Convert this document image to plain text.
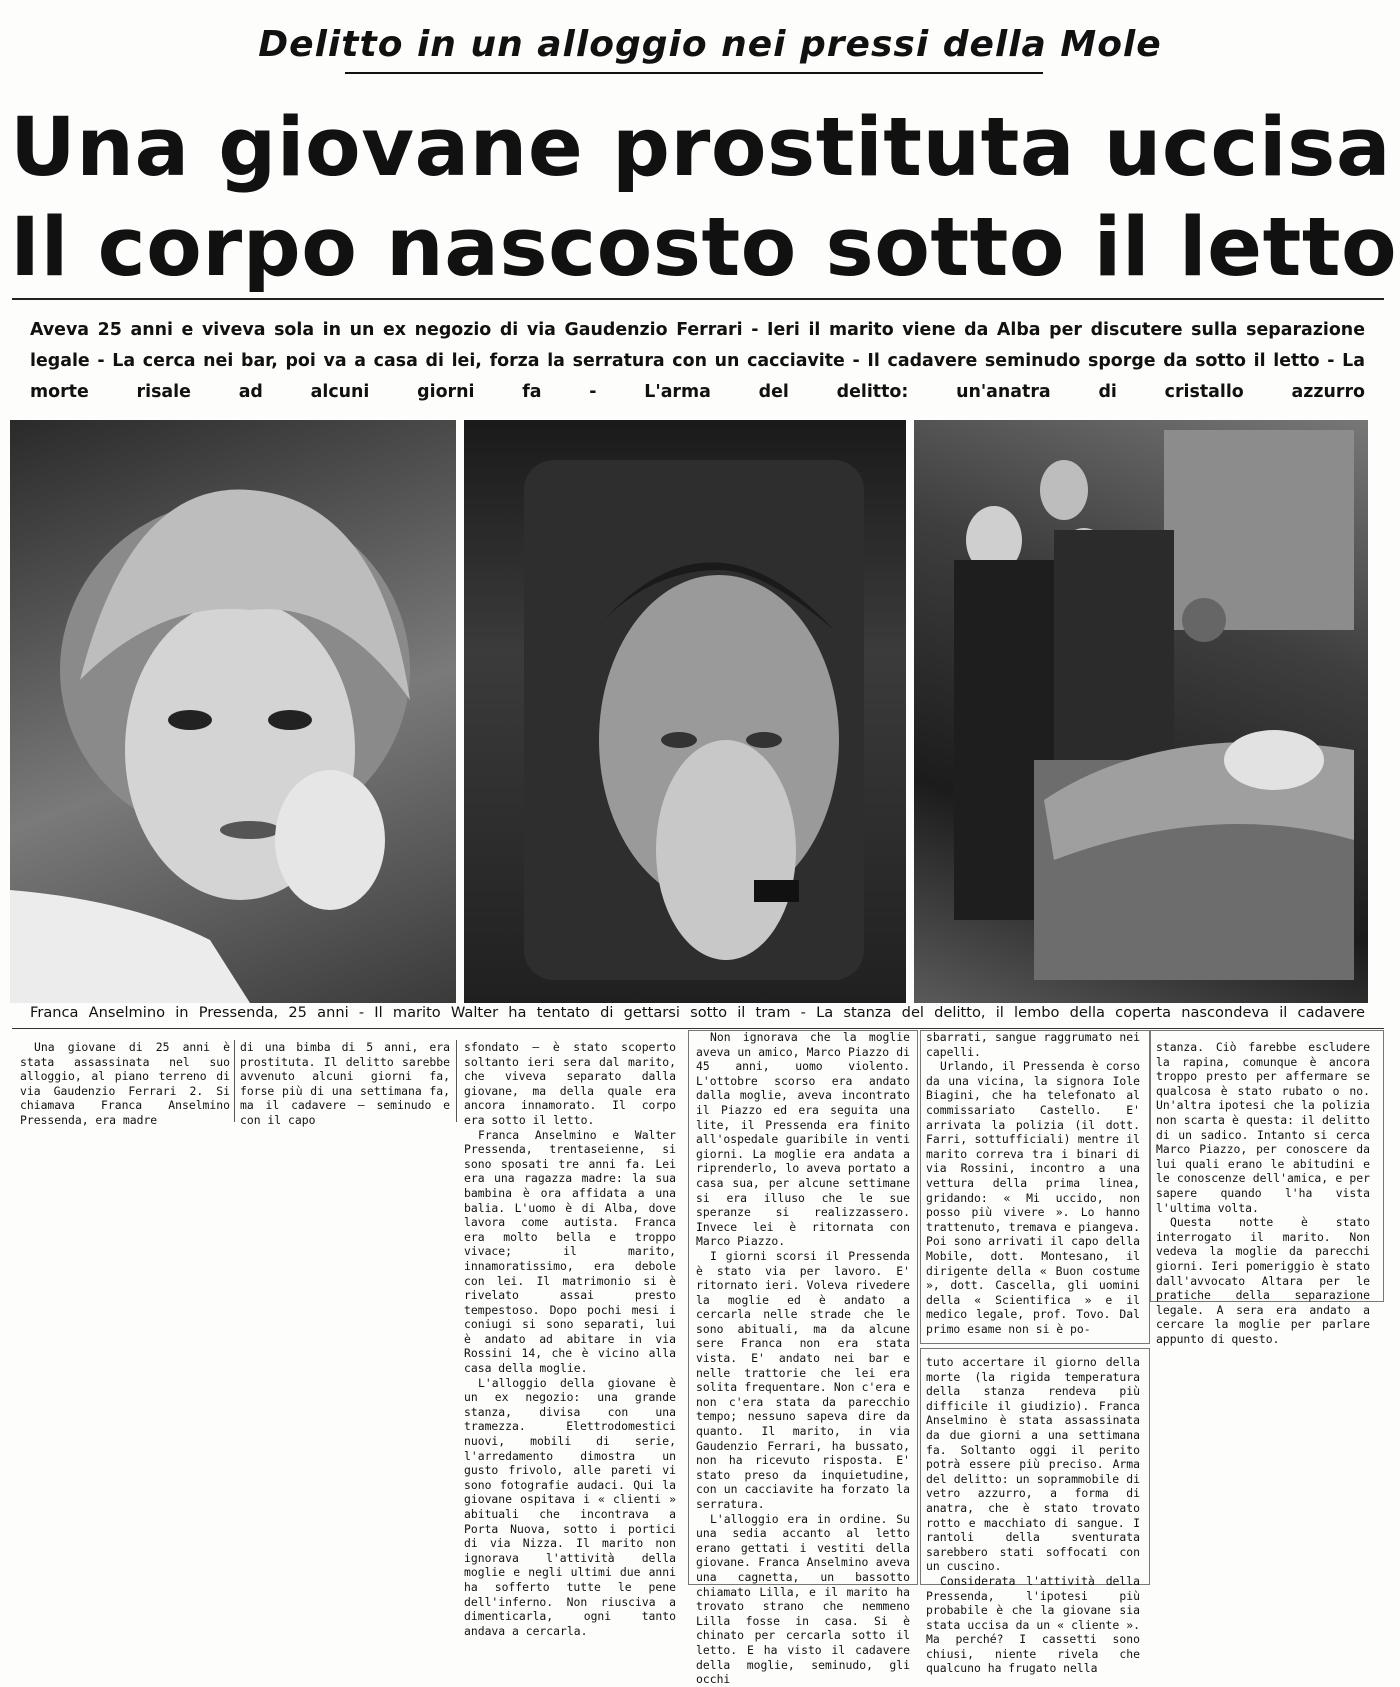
Delitto in un alloggio nei pressi della Mole
Una giovane prostituta uccisa
Il corpo nascosto sotto il letto
Aveva 25 anni e viveva sola in un ex negozio di via Gaudenzio Ferrari - Ieri il marito viene da Alba per discutere sulla separazione legale - La cerca nei bar, poi va a casa di lei, forza la serratura con un cacciavite - Il cadavere seminudo sporge da sotto il letto - La morte risale ad alcuni giorni fa - L'arma del delitto: un'anatra di cristallo azzurro
Franca Anselmino in Pressenda, 25 anni - Il marito Walter ha tentato di gettarsi sotto il tram - La stanza del delitto, il lembo della coperta nascondeva il cadavere

Una giovane di 25 anni è stata assassinata nel suo alloggio, al piano terreno di via Gaudenzio Ferrari 2. Si chiamava Franca Anselmino Pressenda, era madre

di una bimba di 5 anni, era prostituta. Il delitto sarebbe avvenuto alcuni giorni fa, forse più di una settimana fa, ma il cadavere — seminudo e con il capo

sfondato — è stato scoperto soltanto ieri sera dal marito, che viveva separato dalla giovane, ma della quale era ancora innamorato. Il corpo era sotto il letto.

Franca Anselmino e Walter Pressenda, trentaseienne, si sono sposati tre anni fa. Lei era una ragazza madre: la sua bambina è ora affidata a una balia. L'uomo è di Alba, dove lavora come autista. Franca era molto bella e troppo vivace; il marito, innamoratissimo, era debole con lei. Il matrimonio si è rivelato assai presto tempestoso. Dopo pochi mesi i coniugi si sono separati, lui è andato ad abitare in via Rossini 14, che è vicino alla casa della moglie.

L'alloggio della giovane è un ex negozio: una grande stanza, divisa con una tramezza. Elettrodomestici nuovi, mobili di serie, l'arredamento dimostra un gusto frivolo, alle pareti vi sono fotografie audaci. Qui la giovane ospitava i « clienti » abituali che incontrava a Porta Nuova, sotto i portici di via Nizza. Il marito non ignorava l'attività della moglie e negli ultimi due anni ha sofferto tutte le pene dell'inferno. Non riusciva a dimenticarla, ogni tanto andava a cercarla.

Non ignorava che la moglie aveva un amico, Marco Piazzo di 45 anni, uomo violento. L'ottobre scorso era andato dalla moglie, aveva incontrato il Piazzo ed era seguita una lite, il Pressenda era finito all'ospedale guaribile in venti giorni. La moglie era andata a riprenderlo, lo aveva portato a casa sua, per alcune settimane si era illuso che le sue speranze si realizzassero. Invece lei è ritornata con Marco Piazzo.

I giorni scorsi il Pressenda è stato via per lavoro. E' ritornato ieri. Voleva rivedere la moglie ed è andato a cercarla nelle strade che le sono abituali, ma da alcune sere Franca non era stata vista. E' andato nei bar e nelle trattorie che lei era solita frequentare. Non c'era e non c'era stata da parecchio tempo; nessuno sapeva dire da quanto. Il marito, in via Gaudenzio Ferrari, ha bussato, non ha ricevuto risposta. E' stato preso da inquietudine, con un cacciavite ha forzato la serratura.

L'alloggio era in ordine. Su una sedia accanto al letto erano gettati i vestiti della giovane. Franca Anselmino aveva una cagnetta, un bassotto chiamato Lilla, e il marito ha trovato strano che nemmeno Lilla fosse in casa. Si è chinato per cercarla sotto il letto. E ha visto il cadavere della moglie, seminudo, gli occhi

sbarrati, sangue raggrumato nei capelli.

Urlando, il Pressenda è corso da una vicina, la signora Iole Biagini, che ha telefonato al commissariato Castello. E' arrivata la polizia (il dott. Farri, sottufficiali) mentre il marito correva tra i binari di via Rossini, incontro a una vettura della prima linea, gridando: « Mi uccido, non posso più vivere ». Lo hanno trattenuto, tremava e piangeva. Poi sono arrivati il capo della Mobile, dott. Montesano, il dirigente della « Buon costume », dott. Cascella, gli uomini della « Scientifica » e il medico legale, prof. Tovo. Dal primo esame non si è po-

tuto accertare il giorno della morte (la rigida temperatura della stanza rendeva più difficile il giudizio). Franca Anselmino è stata assassinata da due giorni a una settimana fa. Soltanto oggi il perito potrà essere più preciso. Arma del delitto: un soprammobile di vetro azzurro, a forma di anatra, che è stato trovato rotto e macchiato di sangue. I rantoli della sventurata sarebbero stati soffocati con un cuscino.

Considerata l'attività della Pressenda, l'ipotesi più probabile è che la giovane sia stata uccisa da un « cliente ». Ma perché? I cassetti sono chiusi, niente rivela che qualcuno ha frugato nella

stanza. Ciò farebbe escludere la rapina, comunque è ancora troppo presto per affermare se qualcosa è stato rubato o no. Un'altra ipotesi che la polizia non scarta è questa: il delitto di un sadico. Intanto si cerca Marco Piazzo, per conoscere da lui quali erano le abitudini e le conoscenze dell'amica, e per sapere quando l'ha vista l'ultima volta.

Questa notte è stato interrogato il marito. Non vedeva la moglie da parecchi giorni. Ieri pomeriggio è stato dall'avvocato Altara per le pratiche della separazione legale. A sera era andato a cercare la moglie per parlare appunto di questo.
